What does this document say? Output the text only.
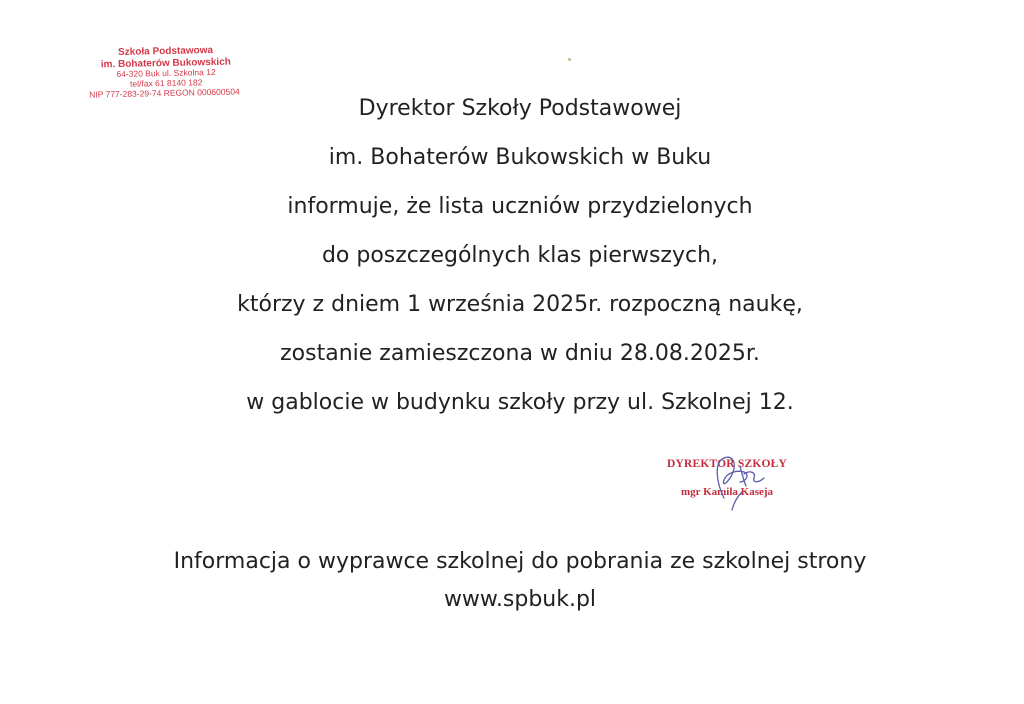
Szkoła Podstawowa
im. Bohaterów Bukowskich
64-320 Buk ul. Szkolna 12
tel/fax 61 8140 182
NIP 777-283-29-74 REGON 000600504
Dyrektor Szkoły Podstawowej
im. Bohaterów Bukowskich w Buku
informuje, że lista uczniów przydzielonych
do poszczególnych klas pierwszych,
którzy z dniem 1 września 2025r. rozpoczną naukę,
zostanie zamieszczona w dniu 28.08.2025r.
w gablocie w budynku szkoły przy ul. Szkolnej 12.
DYREKTOR SZKOŁY
mgr Kamila Kaseja
Informacja o wyprawce szkolnej do pobrania ze szkolnej strony
www.spbuk.pl
